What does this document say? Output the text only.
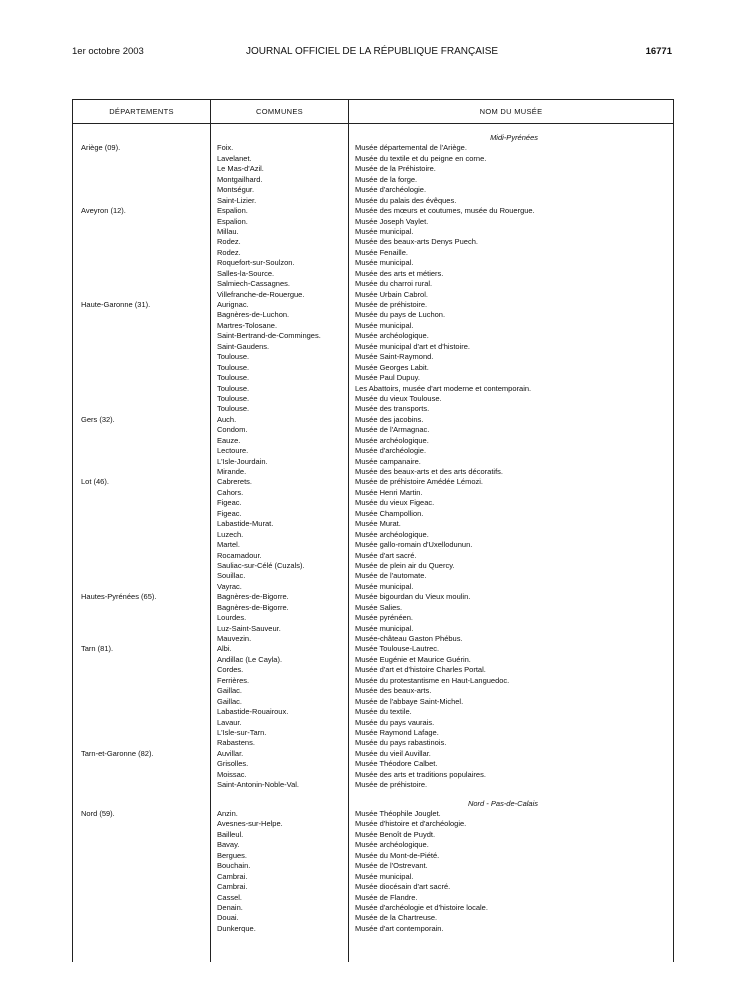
1er octobre 2003	JOURNAL OFFICIEL DE LA RÉPUBLIQUE FRANÇAISE	16771
DÉPARTEMENTS	COMMUNES	NOM DU MUSÉE
Midi-Pyrénées
Ariège (09).	Foix.	Musée départemental de l'Ariège.
Lavelanet.	Musée du textile et du peigne en corne.
Le Mas-d'Azil.	Musée de la Préhistoire.
Montgailhard.	Musée de la forge.
Montségur.	Musée d'archéologie.
Saint-Lizier.	Musée du palais des évêques.
Aveyron (12).	Espalion.	Musée des mœurs et coutumes, musée du Rouergue.
Espalion.	Musée Joseph Vaylet.
Millau.	Musée municipal.
Rodez.	Musée des beaux-arts Denys Puech.
Rodez.	Musée Fenaille.
Roquefort-sur-Soulzon.	Musée municipal.
Salles-la-Source.	Musée des arts et métiers.
Salmiech-Cassagnes.	Musée du charroi rural.
Villefranche-de-Rouergue.	Musée Urbain Cabrol.
Haute-Garonne (31).	Aurignac.	Musée de préhistoire.
Bagnères-de-Luchon.	Musée du pays de Luchon.
Martres-Tolosane.	Musée municipal.
Saint-Bertrand-de-Comminges.	Musée archéologique.
Saint-Gaudens.	Musée municipal d'art et d'histoire.
Toulouse.	Musée Saint-Raymond.
Toulouse.	Musée Georges Labit.
Toulouse.	Musée Paul Dupuy.
Toulouse.	Les Abattoirs, musée d'art moderne et contemporain.
Toulouse.	Musée du vieux Toulouse.
Toulouse.	Musée des transports.
Gers (32).	Auch.	Musée des jacobins.
Condom.	Musée de l'Armagnac.
Eauze.	Musée archéologique.
Lectoure.	Musée d'archéologie.
L'Isle-Jourdain.	Musée campanaire.
Mirande.	Musée des beaux-arts et des arts décoratifs.
Lot (46).	Cabrerets.	Musée de préhistoire Amédée Lémozi.
Cahors.	Musée Henri Martin.
Figeac.	Musée du vieux Figeac.
Figeac.	Musée Champollion.
Labastide-Murat.	Musée Murat.
Luzech.	Musée archéologique.
Martel.	Musée gallo-romain d'Uxellodunun.
Rocamadour.	Musée d'art sacré.
Sauliac-sur-Célé (Cuzals).	Musée de plein air du Quercy.
Souillac.	Musée de l'automate.
Vayrac.	Musée municipal.
Hautes-Pyrénées (65).	Bagnères-de-Bigorre.	Musée bigourdan du Vieux moulin.
Bagnères-de-Bigorre.	Musée Salies.
Lourdes.	Musée pyrénéen.
Luz-Saint-Sauveur.	Musée municipal.
Mauvezin.	Musée-château Gaston Phébus.
Tarn (81).	Albi.	Musée Toulouse-Lautrec.
Andillac (Le Cayla).	Musée Eugénie et Maurice Guérin.
Cordes.	Musée d'art et d'histoire Charles Portal.
Ferrières.	Musée du protestantisme en Haut-Languedoc.
Gaillac.	Musée des beaux-arts.
Gaillac.	Musée de l'abbaye Saint-Michel.
Labastide-Rouairoux.	Musée du textile.
Lavaur.	Musée du pays vaurais.
L'Isle-sur-Tarn.	Musée Raymond Lafage.
Rabastens.	Musée du pays rabastinois.
Tarn-et-Garonne (82).	Auvillar.	Musée du vieil Auvillar.
Grisolles.	Musée Théodore Calbet.
Moissac.	Musée des arts et traditions populaires.
Saint-Antonin-Noble-Val.	Musée de préhistoire.
Nord - Pas-de-Calais
Nord (59).	Anzin.	Musée Théophile Jouglet.
Avesnes-sur-Helpe.	Musée d'histoire et d'archéologie.
Bailleul.	Musée Benoît de Puydt.
Bavay.	Musée archéologique.
Bergues.	Musée du Mont-de-Piété.
Bouchain.	Musée de l'Ostrevant.
Cambrai.	Musée municipal.
Cambrai.	Musée diocésain d'art sacré.
Cassel.	Musée de Flandre.
Denain.	Musée d'archéologie et d'histoire locale.
Douai.	Musée de la Chartreuse.
Dunkerque.	Musée d'art contemporain.
